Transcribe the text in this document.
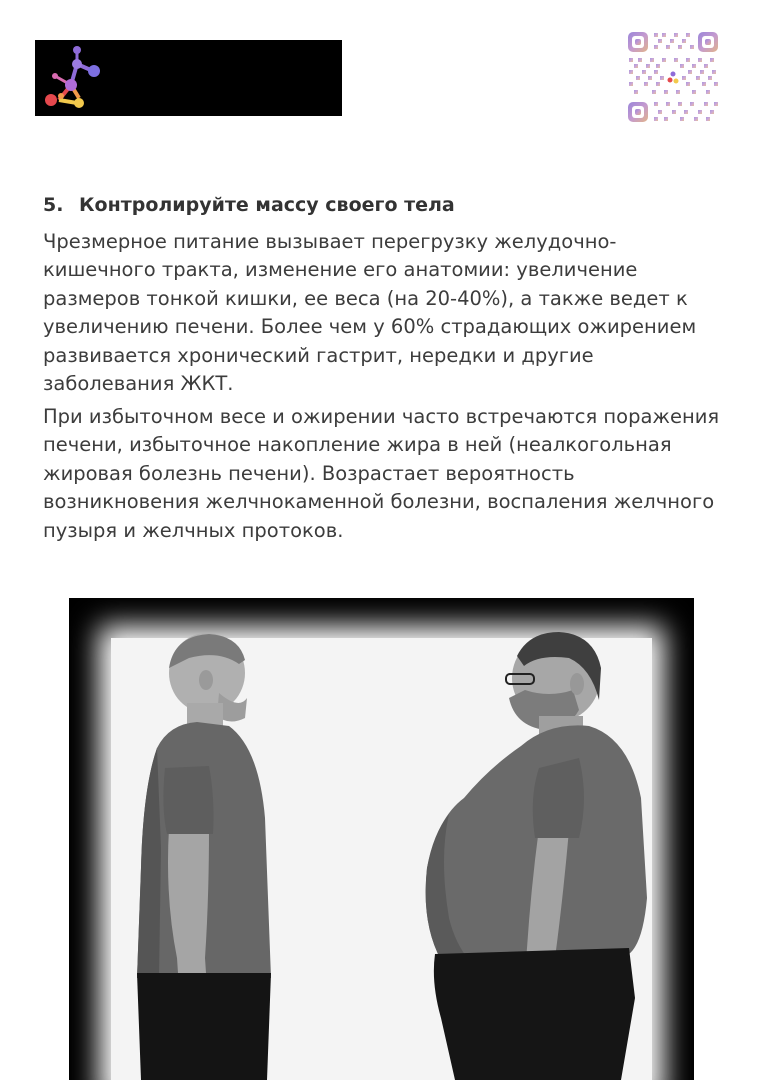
5. Контролируйте массу своего тела

Чрезмерное питание вызывает перегрузку желудочно-кишечного тракта, изменение его анатомии: увеличение размеров тонкой кишки, ее веса (на 20-40%), а также ведет к увеличению печени. Более чем у 60% страдающих ожирением развивается хронический гастрит, нередки и другие заболевания ЖКТ.

При избыточном весе и ожирении часто встречаются поражения печени, избыточное накопление жира в ней (неалкогольная жировая болезнь печени). Возрастает вероятность возникновения желчнокаменной болезни, воспаления желчного пузыря и желчных протоков.
